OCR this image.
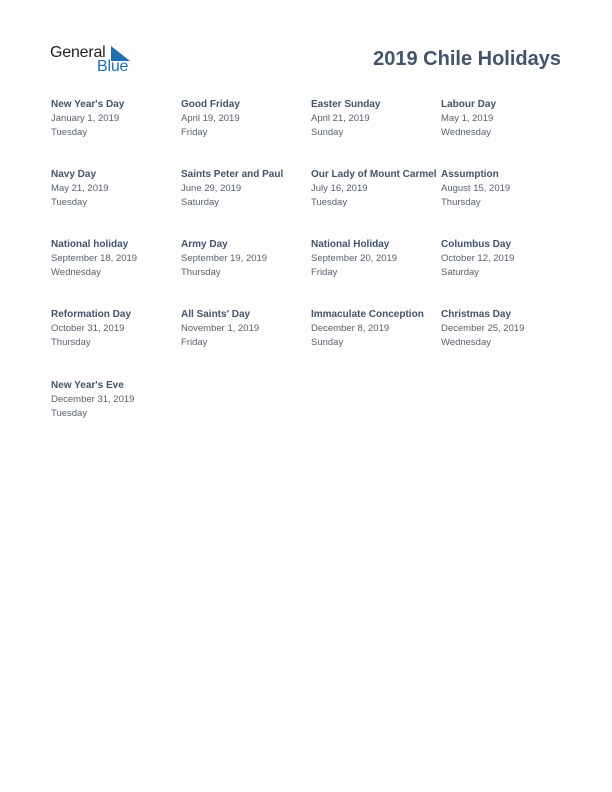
General
Blue	2019 Chile Holidays
New Year's Day
January 1, 2019
Tuesday
Good Friday
April 19, 2019
Friday
Easter Sunday
April 21, 2019
Sunday
Labour Day
May 1, 2019
Wednesday
Navy Day
May 21, 2019
Tuesday
Saints Peter and Paul
June 29, 2019
Saturday
Our Lady of Mount Carmel
July 16, 2019
Tuesday
Assumption
August 15, 2019
Thursday
National holiday
September 18, 2019
Wednesday
Army Day
September 19, 2019
Thursday
National Holiday
September 20, 2019
Friday
Columbus Day
October 12, 2019
Saturday
Reformation Day
October 31, 2019
Thursday
All Saints' Day
November 1, 2019
Friday
Immaculate Conception
December 8, 2019
Sunday
Christmas Day
December 25, 2019
Wednesday
New Year's Eve
December 31, 2019
Tuesday
